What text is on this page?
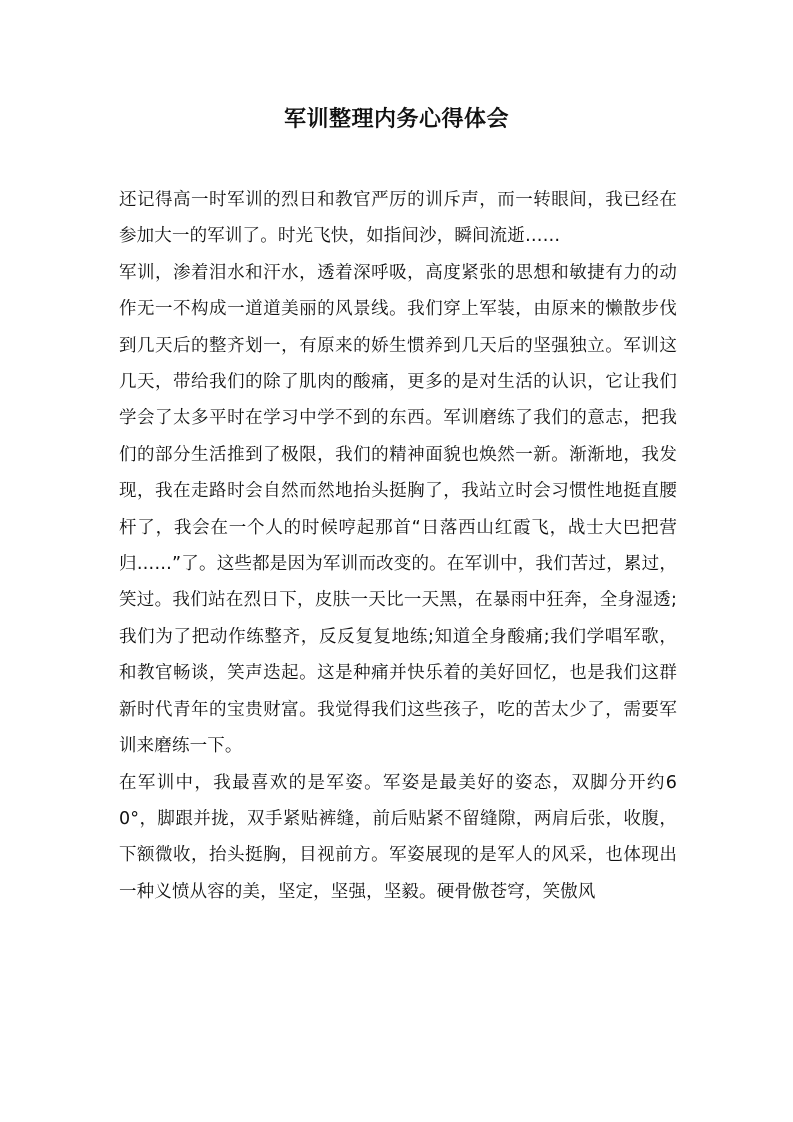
军训整理内务心得体会

还记得高一时军训的烈日和教官严厉的训斥声，而一转眼间，我已经在参加大一的军训了。时光飞快，如指间沙，瞬间流逝……

军训，渗着泪水和汗水，透着深呼吸，高度紧张的思想和敏捷有力的动作无一不构成一道道美丽的风景线。我们穿上军装，由原来的懒散步伐到几天后的整齐划一，有原来的娇生惯养到几天后的坚强独立。军训这几天，带给我们的除了肌肉的酸痛，更多的是对生活的认识，它让我们学会了太多平时在学习中学不到的东西。军训磨练了我们的意志，把我们的部分生活推到了极限，我们的精神面貌也焕然一新。渐渐地，我发现，我在走路时会自然而然地抬头挺胸了，我站立时会习惯性地挺直腰杆了，我会在一个人的时候哼起那首“日落西山红霞飞，战士大巴把营归……”了。这些都是因为军训而改变的。在军训中，我们苦过，累过，笑过。我们站在烈日下，皮肤一天比一天黑，在暴雨中狂奔，全身湿透;我们为了把动作练整齐，反反复复地练;知道全身酸痛;我们学唱军歌，和教官畅谈，笑声迭起。这是种痛并快乐着的美好回忆，也是我们这群新时代青年的宝贵财富。我觉得我们这些孩子，吃的苦太少了，需要军训来磨练一下。

在军训中，我最喜欢的是军姿。军姿是最美好的姿态，双脚分开约60°，脚跟并拢，双手紧贴裤缝，前后贴紧不留缝隙，两肩后张，收腹，下额微收，抬头挺胸，目视前方。军姿展现的是军人的风采，也体现出一种义愤从容的美，坚定，坚强，坚毅。硬骨傲苍穹，笑傲风
